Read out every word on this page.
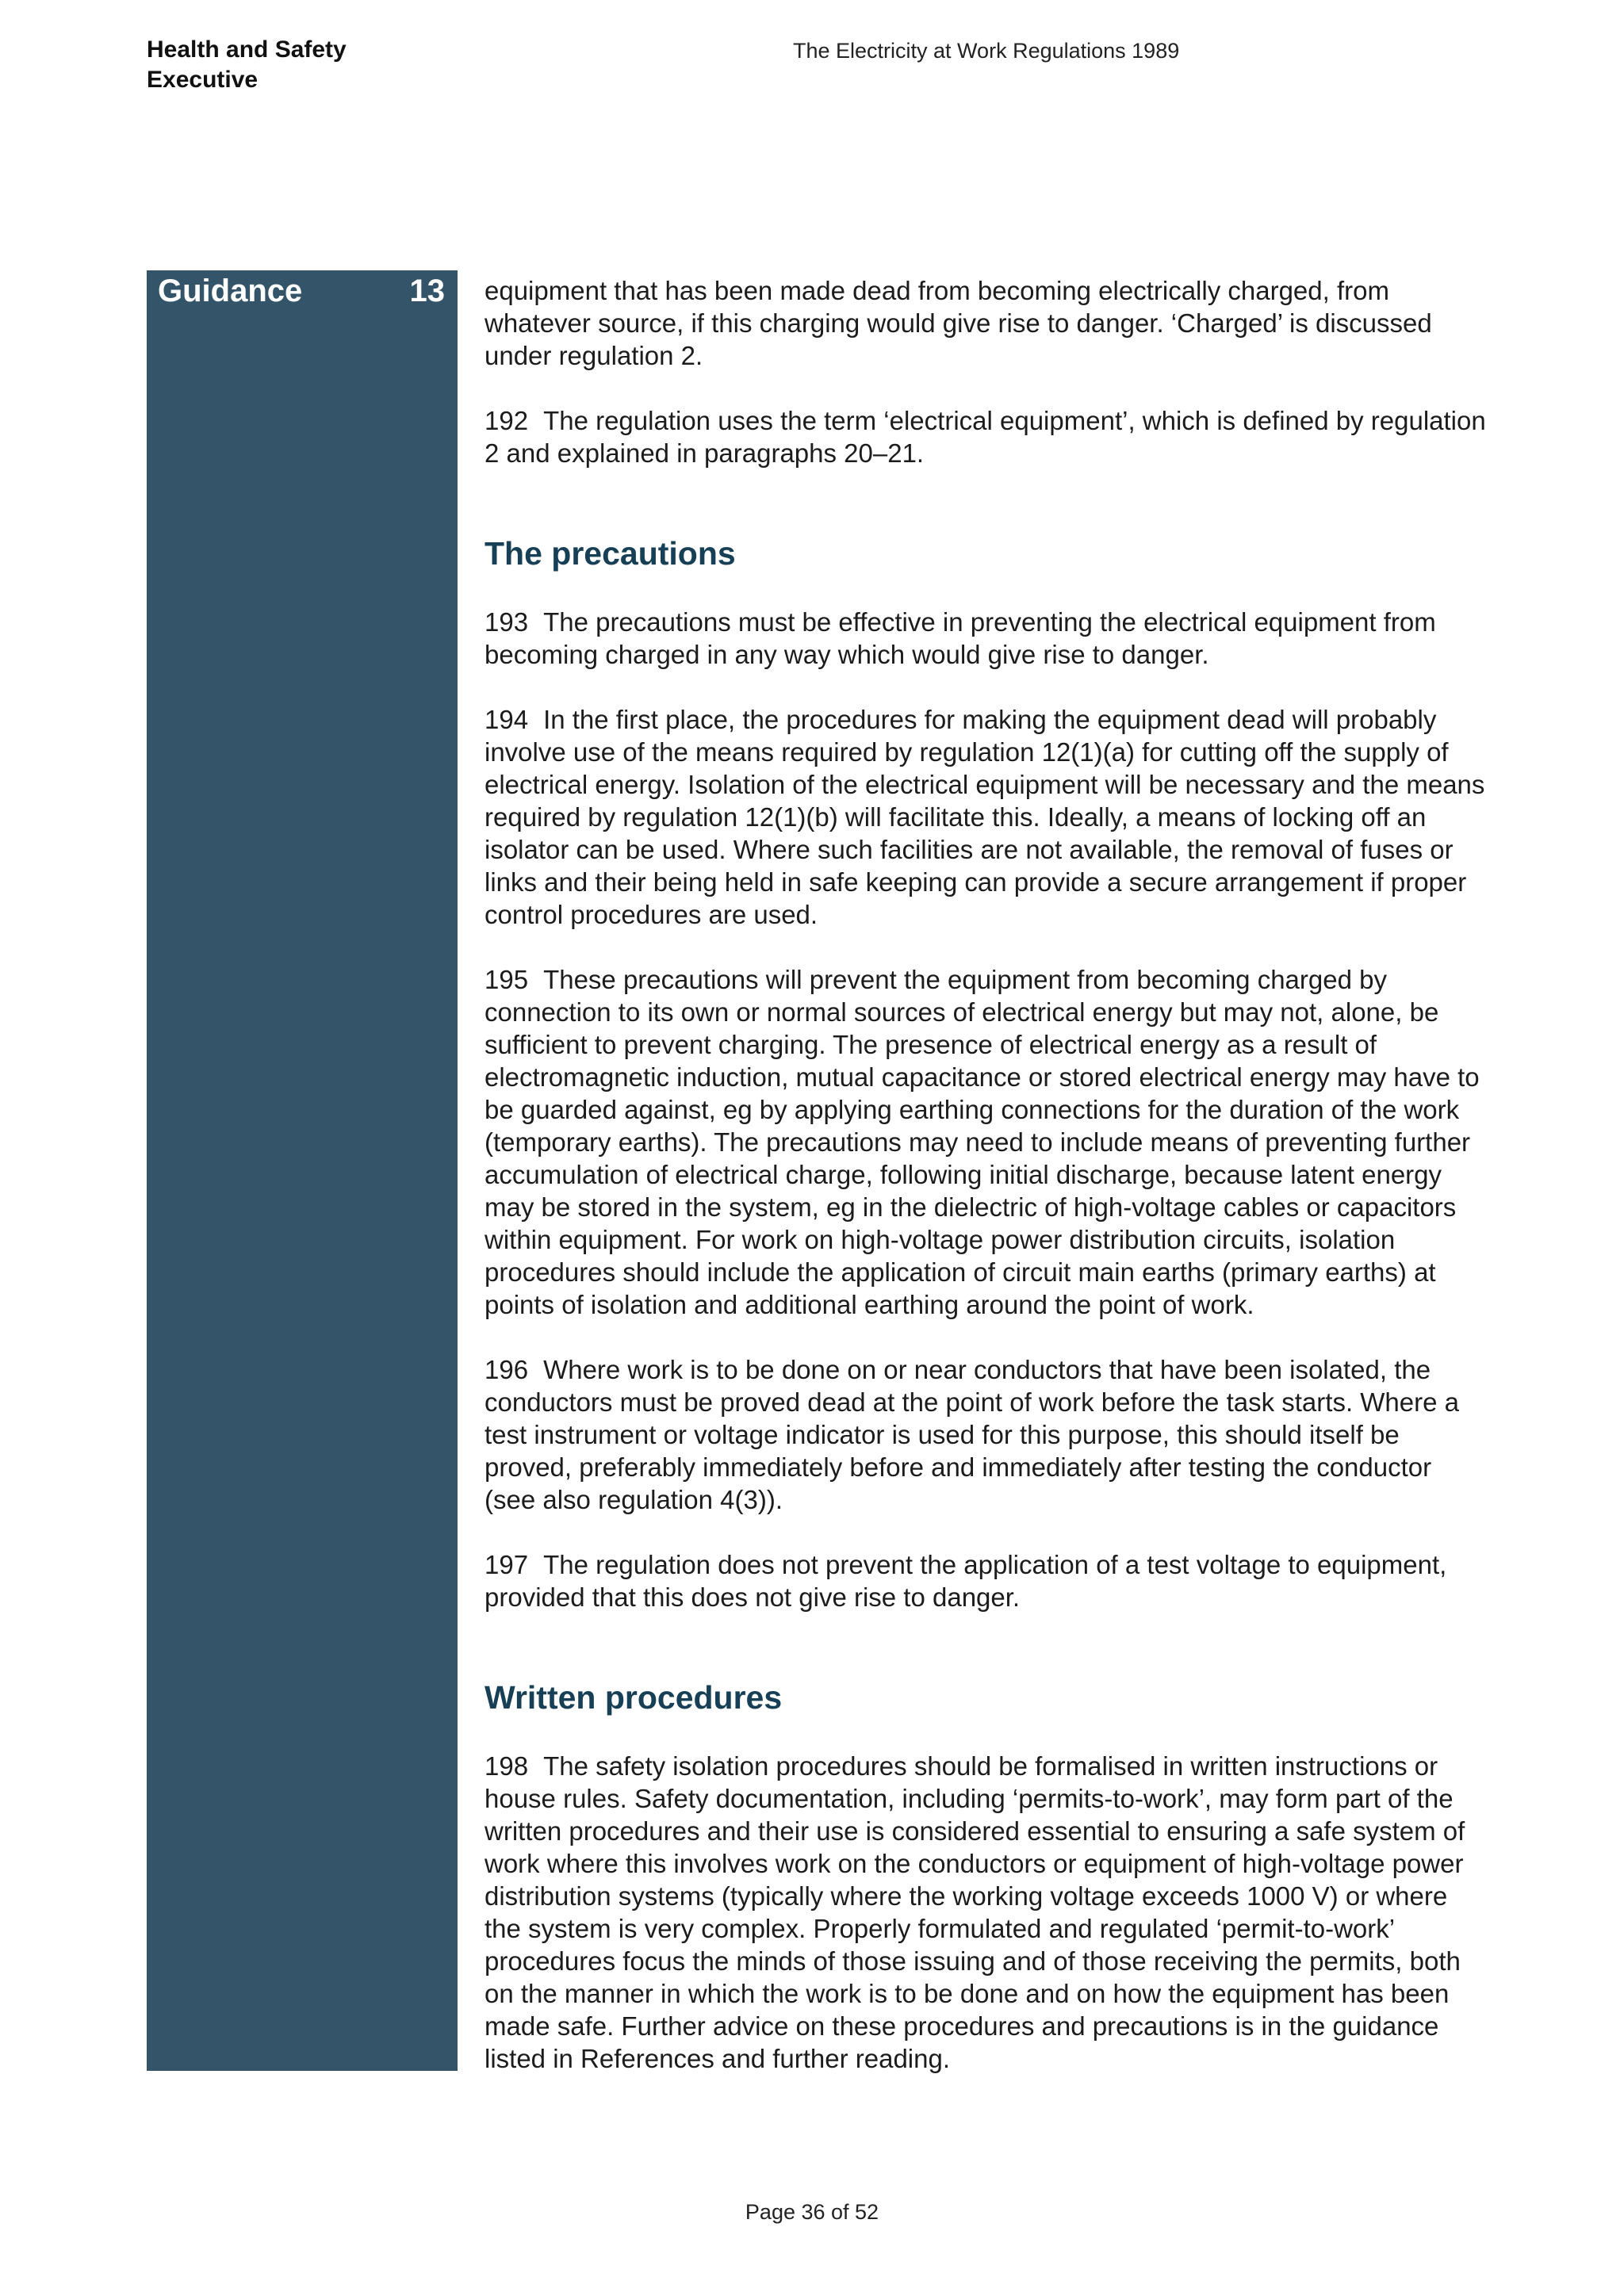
Health and Safety Executive
The Electricity at Work Regulations 1989
Guidance	13 equipment that has been made dead from becoming electrically charged, from whatever source, if this charging would give rise to danger. ‘Charged’ is discussed under regulation 2.

192 The regulation uses the term ‘electrical equipment’, which is defined by regulation 2 and explained in paragraphs 20–21.

The precautions

193 The precautions must be effective in preventing the electrical equipment from becoming charged in any way which would give rise to danger.

194 In the first place, the procedures for making the equipment dead will probably involve use of the means required by regulation 12(1)(a) for cutting off the supply of electrical energy. Isolation of the electrical equipment will be necessary and the means required by regulation 12(1)(b) will facilitate this. Ideally, a means of locking off an isolator can be used. Where such facilities are not available, the removal of fuses or links and their being held in safe keeping can provide a secure arrangement if proper control procedures are used.

195 These precautions will prevent the equipment from becoming charged by connection to its own or normal sources of electrical energy but may not, alone, be sufficient to prevent charging. The presence of electrical energy as a result of electromagnetic induction, mutual capacitance or stored electrical energy may have to be guarded against, eg by applying earthing connections for the duration of the work (temporary earths). The precautions may need to include means of preventing further accumulation of electrical charge, following initial discharge, because latent energy may be stored in the system, eg in the dielectric of high-voltage cables or capacitors within equipment. For work on high-voltage power distribution circuits, isolation procedures should include the application of circuit main earths (primary earths) at points of isolation and additional earthing around the point of work.

196 Where work is to be done on or near conductors that have been isolated, the conductors must be proved dead at the point of work before the task starts. Where a test instrument or voltage indicator is used for this purpose, this should itself be proved, preferably immediately before and immediately after testing the conductor (see also regulation 4(3)).

197 The regulation does not prevent the application of a test voltage to equipment, provided that this does not give rise to danger.

Written procedures

198 The safety isolation procedures should be formalised in written instructions or house rules. Safety documentation, including ‘permits-to-work’, may form part of the written procedures and their use is considered essential to ensuring a safe system of work where this involves work on the conductors or equipment of high-voltage power distribution systems (typically where the working voltage exceeds 1000 V) or where the system is very complex. Properly formulated and regulated ‘permit-to-work’ procedures focus the minds of those issuing and of those receiving the permits, both on the manner in which the work is to be done and on how the equipment has been made safe. Further advice on these procedures and precautions is in the guidance listed in References and further reading.

Page 36 of 52
